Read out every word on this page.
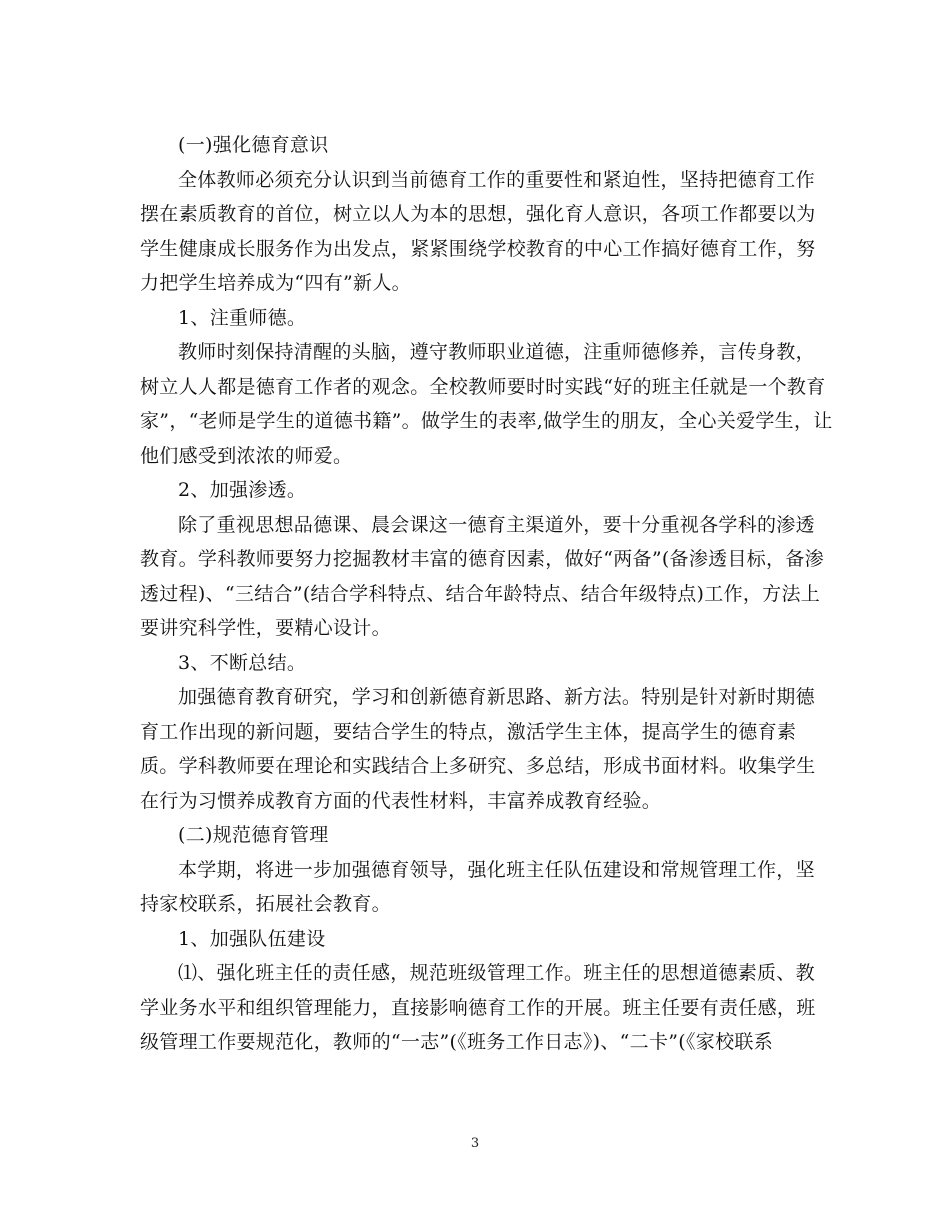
(一)强化德育意识
全体教师必须充分认识到当前德育工作的重要性和紧迫性，坚持把德育工作
摆在素质教育的首位，树立以人为本的思想，强化育人意识，各项工作都要以为
学生健康成长服务作为出发点，紧紧围绕学校教育的中心工作搞好德育工作，努
力把学生培养成为“四有”新人。
1、注重师德。
教师时刻保持清醒的头脑，遵守教师职业道德，注重师德修养，言传身教，
树立人人都是德育工作者的观念。全校教师要时时实践“好的班主任就是一个教育
家”，“老师是学生的道德书籍”。做学生的表率,做学生的朋友，全心关爱学生，让
他们感受到浓浓的师爱。
2、加强渗透。
除了重视思想品德课、晨会课这一德育主渠道外，要十分重视各学科的渗透
教育。学科教师要努力挖掘教材丰富的德育因素，做好“两备”(备渗透目标，备渗
透过程)、“三结合”(结合学科特点、结合年龄特点、结合年级特点)工作，方法上
要讲究科学性，要精心设计。
3、不断总结。
加强德育教育研究，学习和创新德育新思路、新方法。特别是针对新时期德
育工作出现的新问题，要结合学生的特点，激活学生主体，提高学生的德育素
质。学科教师要在理论和实践结合上多研究、多总结，形成书面材料。收集学生
在行为习惯养成教育方面的代表性材料，丰富养成教育经验。
(二)规范德育管理
本学期，将进一步加强德育领导，强化班主任队伍建设和常规管理工作，坚
持家校联系，拓展社会教育。
1、加强队伍建设
⑴、强化班主任的责任感，规范班级管理工作。班主任的思想道德素质、教
学业务水平和组织管理能力，直接影响德育工作的开展。班主任要有责任感，班
级管理工作要规范化，教师的“一志”(《班务工作日志》)、“二卡”(《家校联系
3
